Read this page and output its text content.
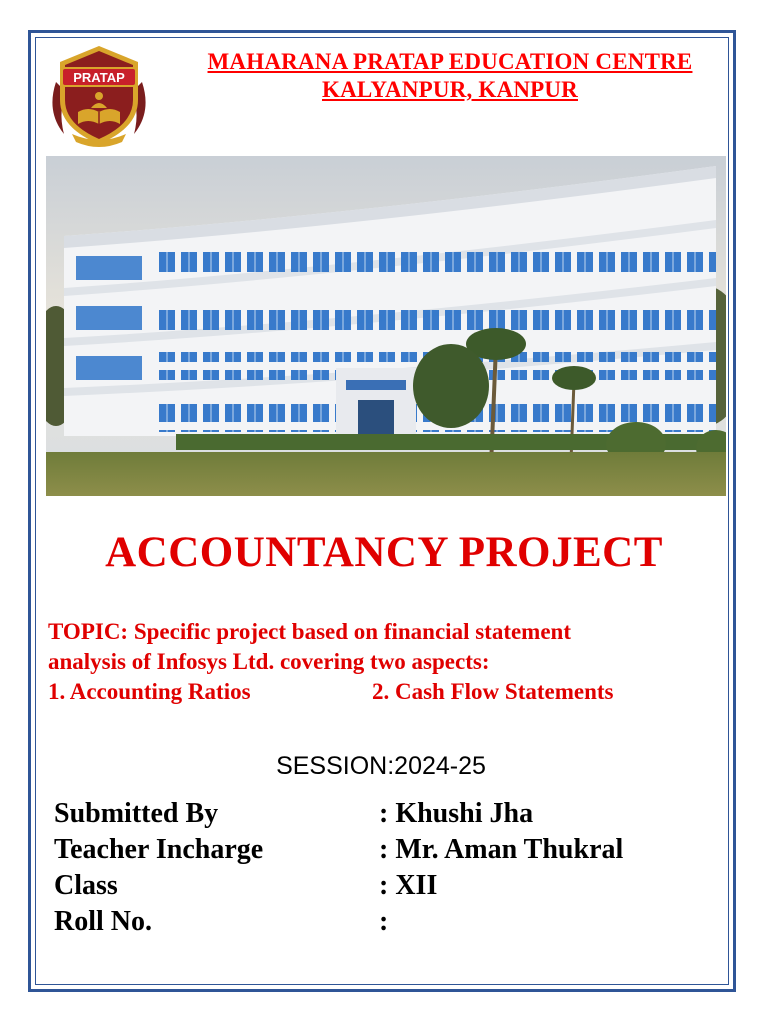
PRATAP
MAHARANA PRATAP EDUCATION CENTRE
KALYANPUR, KANPUR
ACCOUNTANCY PROJECT
TOPIC: Specific project based on financial statement
analysis of Infosys Ltd. covering two aspects:
1. Accounting Ratios	2. Cash Flow Statements
SESSION:2024-25
Submitted By	: Khushi Jha
Teacher Incharge	: Mr. Aman Thukral
Class	: XII
Roll No.	:
